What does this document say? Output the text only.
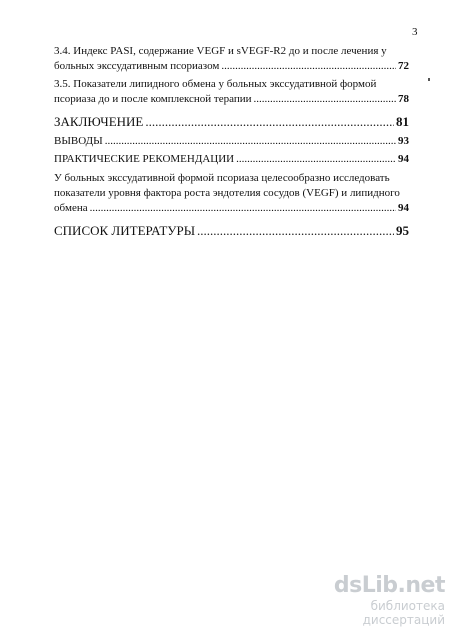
3
3.4. Индекс PASI, содержание VEGF и sVEGF-R2 до и после лечения у
больных экссудативным псориазом .....	72
3.5. Показатели липидного обмена у больных экссудативной формой
псориаза до и после комплексной терапии .....	78
ЗАКЛЮЧЕНИЕ .....	81
ВЫВОДЫ .....	93
ПРАКТИЧЕСКИЕ РЕКОМЕНДАЦИИ .....	94
У больных экссудативной формой псориаза целесообразно исследовать
показатели уровня фактора роста эндотелия сосудов (VEGF) и липидного
обмена .....	94
СПИСОК ЛИТЕРАТУРЫ .....	95
dsLib.net
библиотека диссертаций
